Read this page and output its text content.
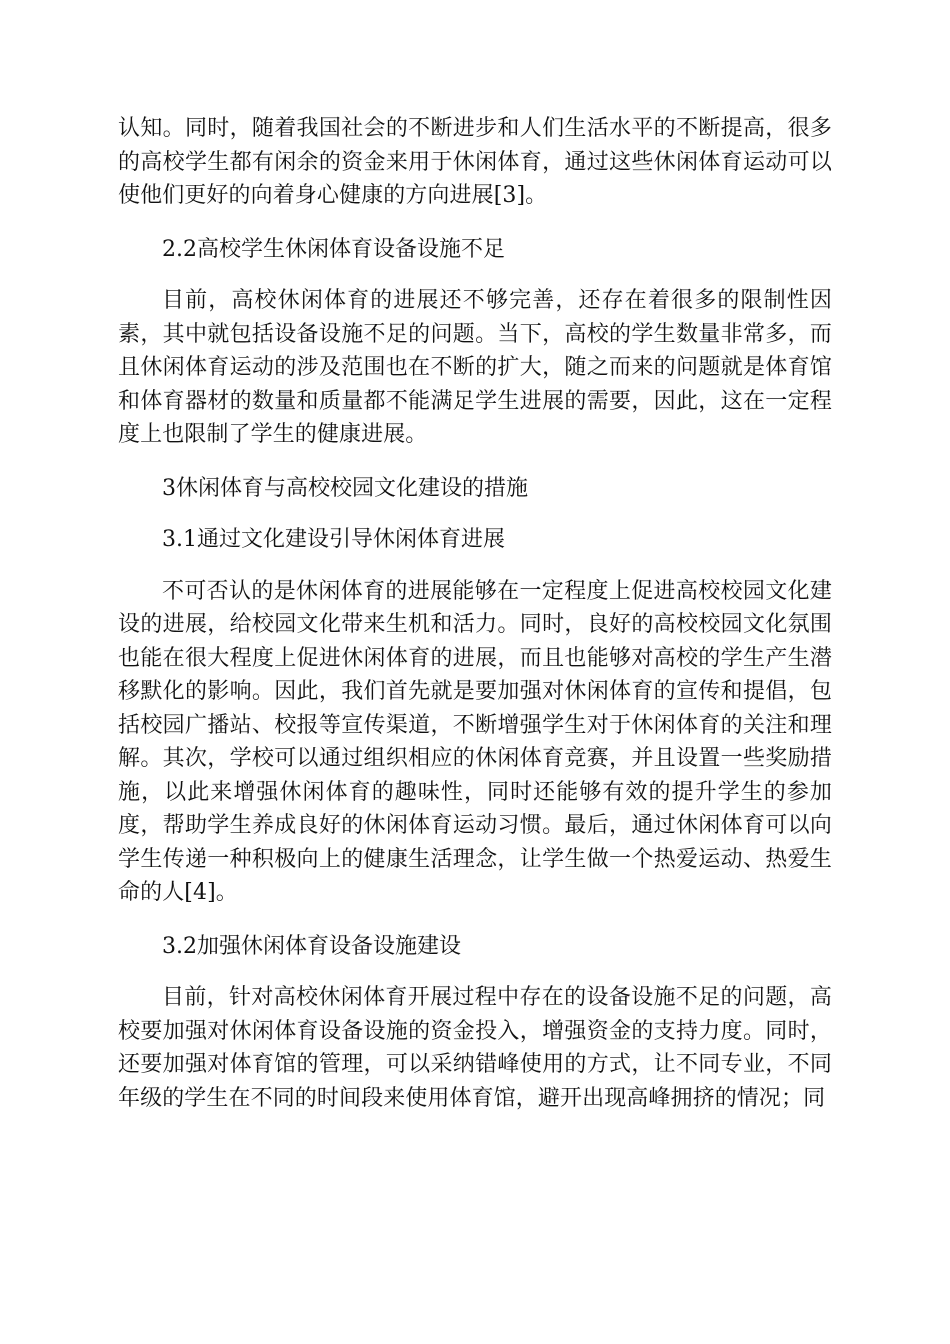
认知。同时，随着我国社会的不断进步和人们生活水平的不断提高，很多的高校学生都有闲余的资金来用于休闲体育，通过这些休闲体育运动可以使他们更好的向着身心健康的方向进展[3]。

2.2高校学生休闲体育设备设施不足

目前，高校休闲体育的进展还不够完善，还存在着很多的限制性因素，其中就包括设备设施不足的问题。当下，高校的学生数量非常多，而且休闲体育运动的涉及范围也在不断的扩大，随之而来的问题就是体育馆和体育器材的数量和质量都不能满足学生进展的需要，因此，这在一定程度上也限制了学生的健康进展。

3休闲体育与高校校园文化建设的措施

3.1通过文化建设引导休闲体育进展

不可否认的是休闲体育的进展能够在一定程度上促进高校校园文化建设的进展，给校园文化带来生机和活力。同时，良好的高校校园文化氛围也能在很大程度上促进休闲体育的进展，而且也能够对高校的学生产生潜移默化的影响。因此，我们首先就是要加强对休闲体育的宣传和提倡，包括校园广播站、校报等宣传渠道，不断增强学生对于休闲体育的关注和理解。其次，学校可以通过组织相应的休闲体育竞赛，并且设置一些奖励措施，以此来增强休闲体育的趣味性，同时还能够有效的提升学生的参加度，帮助学生养成良好的休闲体育运动习惯。最后，通过休闲体育可以向学生传递一种积极向上的健康生活理念，让学生做一个热爱运动、热爱生命的人[4]。

3.2加强休闲体育设备设施建设

目前，针对高校休闲体育开展过程中存在的设备设施不足的问题，高校要加强对休闲体育设备设施的资金投入，增强资金的支持力度。同时，还要加强对体育馆的管理，可以采纳错峰使用的方式，让不同专业，不同年级的学生在不同的时间段来使用体育馆，避开出现高峰拥挤的情况；同
